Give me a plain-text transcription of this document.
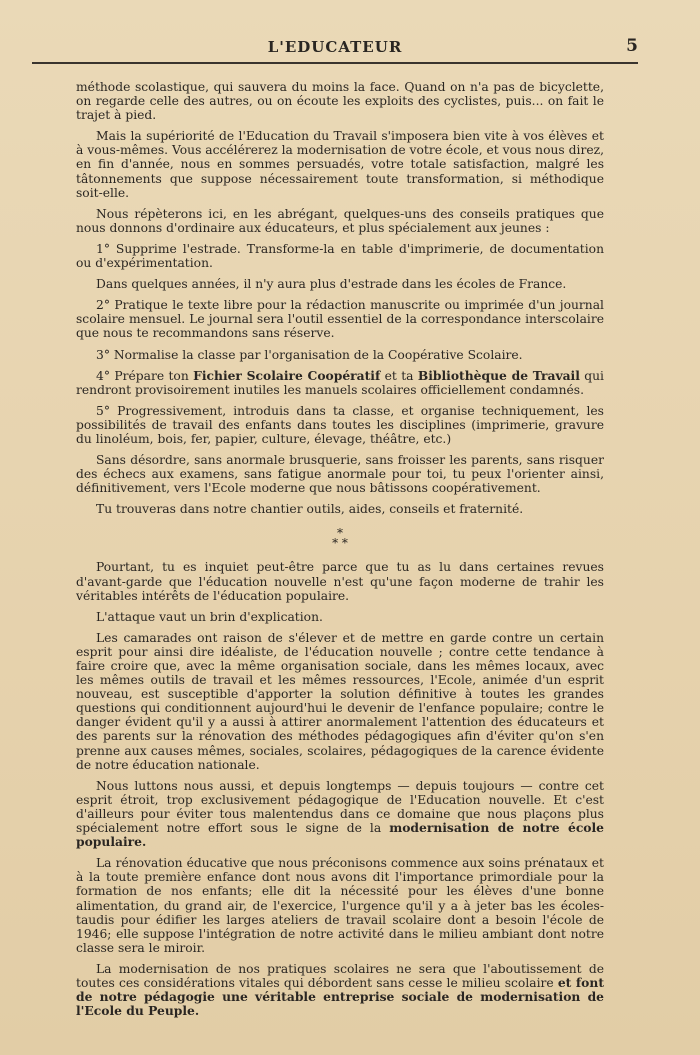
L'EDUCATEUR	5

méthode scolastique, qui sauvera du moins la face. Quand on n'a pas de bicyclette, on regarde celle des autres, ou on écoute les exploits des cyclistes, puis... on fait le trajet à pied.

Mais la supériorité de l'Education du Travail s'imposera bien vite à vos élèves et à vous-mêmes. Vous accélérerez la modernisation de votre école, et vous nous direz, en fin d'année, nous en sommes persuadés, votre totale satisfaction, malgré les tâtonnements que suppose nécessairement toute transformation, si méthodique soit-elle.

Nous répèterons ici, en les abrégant, quelques-uns des conseils pratiques que nous donnons d'ordinaire aux éducateurs, et plus spécialement aux jeunes :

1° Supprime l'estrade. Transforme-la en table d'imprimerie, de documentation ou d'expérimentation.

Dans quelques années, il n'y aura plus d'estrade dans les écoles de France.

2° Pratique le texte libre pour la rédaction manuscrite ou imprimée d'un journal scolaire mensuel. Le journal sera l'outil essentiel de la correspondance interscolaire que nous te recommandons sans réserve.

3° Normalise la classe par l'organisation de la Coopérative Scolaire.

4° Prépare ton Fichier Scolaire Coopératif et ta Bibliothèque de Travail qui rendront provisoirement inutiles les manuels scolaires officiellement condamnés.

5° Progressivement, introduis dans ta classe, et organise techniquement, les possibilités de travail des enfants dans toutes les disciplines (imprimerie, gravure du linoléum, bois, fer, papier, culture, élevage, théâtre, etc.)

Sans désordre, sans anormale brusquerie, sans froisser les parents, sans risquer des échecs aux examens, sans fatigue anormale pour toi, tu peux l'orienter ainsi, définitivement, vers l'Ecole moderne que nous bâtissons coopérativement.

Tu trouveras dans notre chantier outils, aides, conseils et fraternité.

*
* *

Pourtant, tu es inquiet peut-être parce que tu as lu dans certaines revues d'avant-garde que l'éducation nouvelle n'est qu'une façon moderne de trahir les véritables intérêts de l'éducation populaire.

L'attaque vaut un brin d'explication.

Les camarades ont raison de s'élever et de mettre en garde contre un certain esprit pour ainsi dire idéaliste, de l'éducation nouvelle ; contre cette tendance à faire croire que, avec la même organisation sociale, dans les mêmes locaux, avec les mêmes outils de travail et les mêmes ressources, l'Ecole, animée d'un esprit nouveau, est susceptible d'apporter la solution définitive à toutes les grandes questions qui conditionnent aujourd'hui le devenir de l'enfance populaire; contre le danger évident qu'il y a aussi à attirer anormalement l'attention des éducateurs et des parents sur la rénovation des méthodes pédagogiques afin d'éviter qu'on s'en prenne aux causes mêmes, sociales, scolaires, pédagogiques de la carence évidente de notre éducation nationale.

Nous luttons nous aussi, et depuis longtemps — depuis toujours — contre cet esprit étroit, trop exclusivement pédagogique de l'Education nouvelle. Et c'est d'ailleurs pour éviter tous malentendus dans ce domaine que nous plaçons plus spécialement notre effort sous le signe de la modernisation de notre école populaire.

La rénovation éducative que nous préconisons commence aux soins prénataux et à la toute première enfance dont nous avons dit l'importance primordiale pour la formation de nos enfants; elle dit la nécessité pour les élèves d'une bonne alimentation, du grand air, de l'exercice, l'urgence qu'il y a à jeter bas les écoles-taudis pour édifier les larges ateliers de travail scolaire dont a besoin l'école de 1946; elle suppose l'intégration de notre activité dans le milieu ambiant dont notre classe sera le miroir.

La modernisation de nos pratiques scolaires ne sera que l'aboutissement de toutes ces considérations vitales qui débordent sans cesse le milieu scolaire et font de notre pédagogie une véritable entreprise sociale de modernisation de l'Ecole du Peuple.
